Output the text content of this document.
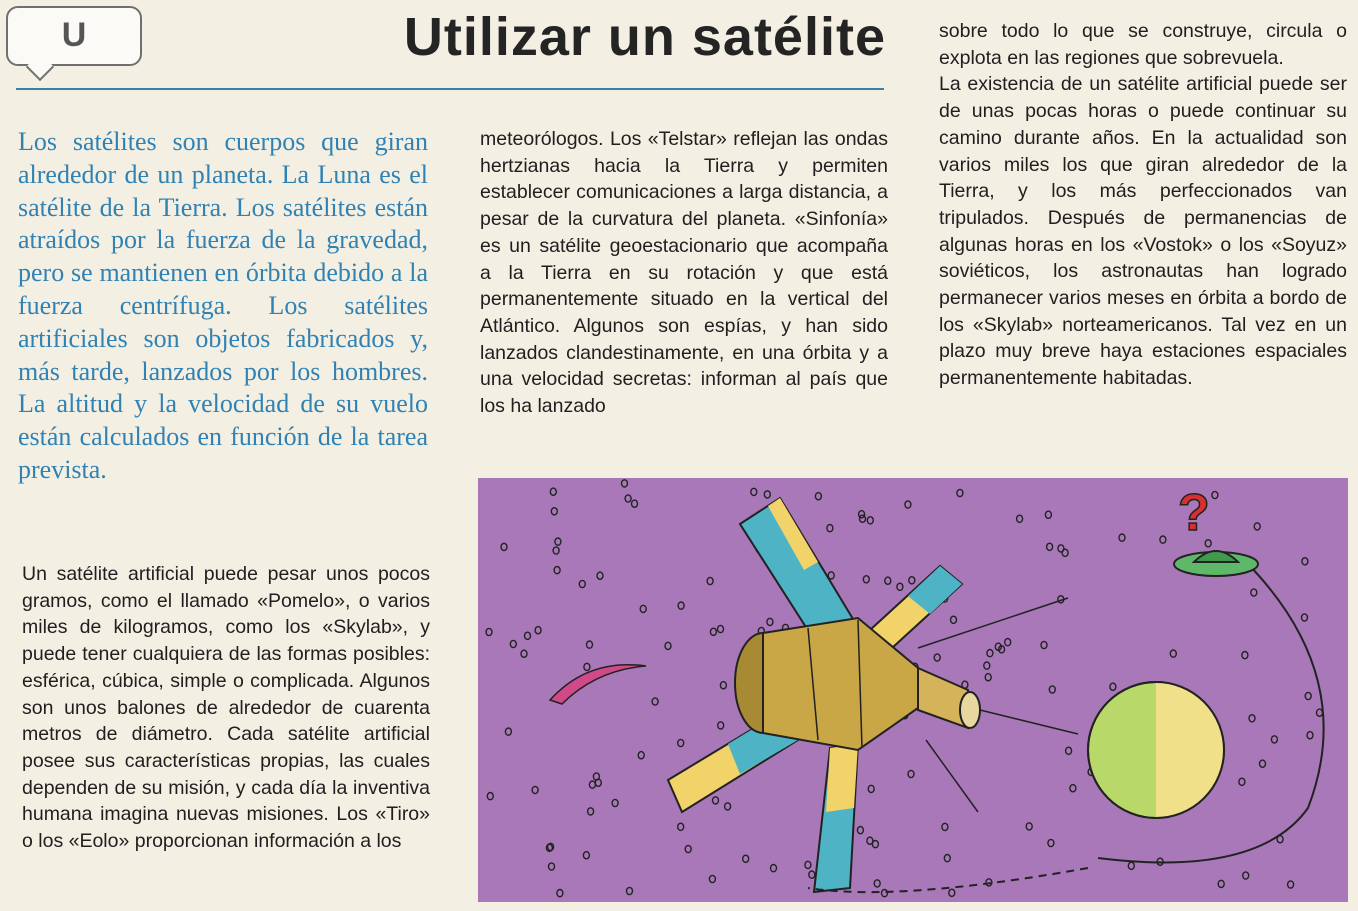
U	Utilizar un satélite

Los satélites son cuerpos que giran alrededor de un planeta. La Luna es el satélite de la Tierra. Los satélites están atraídos por la fuerza de la gravedad, pero se mantienen en órbita debido a la fuerza centrífuga. Los satélites artificiales son objetos fabricados y, más tarde, lanzados por los hombres. La altitud y la velocidad de su vuelo están calculados en función de la tarea prevista.

Un satélite artificial puede pesar unos pocos gramos, como el llamado «Pomelo», o varios miles de kilogramos, como los «Skylab», y puede tener cualquiera de las formas posibles: esférica, cúbica, simple o complicada. Algunos son unos balones de alrededor de cuarenta metros de diámetro. Cada satélite artificial posee sus características propias, las cuales dependen de su misión, y cada día la inventiva humana imagina nuevas misiones. Los «Tiro» o los «Eolo» proporcionan información a los

meteorólogos. Los «Telstar» reflejan las ondas hertzianas hacia la Tierra y permiten establecer comunicaciones a larga distancia, a pesar de la curvatura del planeta. «Sinfonía» es un satélite geoestacionario que acompaña a la Tierra en su rotación y que está permanentemente situado en la vertical del Atlántico. Algunos son espías, y han sido lanzados clandestinamente, en una órbita y a una velocidad secretas: informan al país que los ha lanzado

sobre todo lo que se construye, circula o explota en las regiones que sobrevuela.

La existencia de un satélite artificial puede ser de unas pocas horas o puede continuar su camino durante años. En la actualidad son varios miles los que giran alrededor de la Tierra, y los más perfeccionados van tripulados. Después de permanencias de algunas horas en los «Vostok» o los «Soyuz» soviéticos, los astronautas han logrado permanecer varios meses en órbita a bordo de los «Skylab» norteamericanos. Tal vez en un plazo muy breve haya estaciones espaciales permanentemente habitadas.

?
